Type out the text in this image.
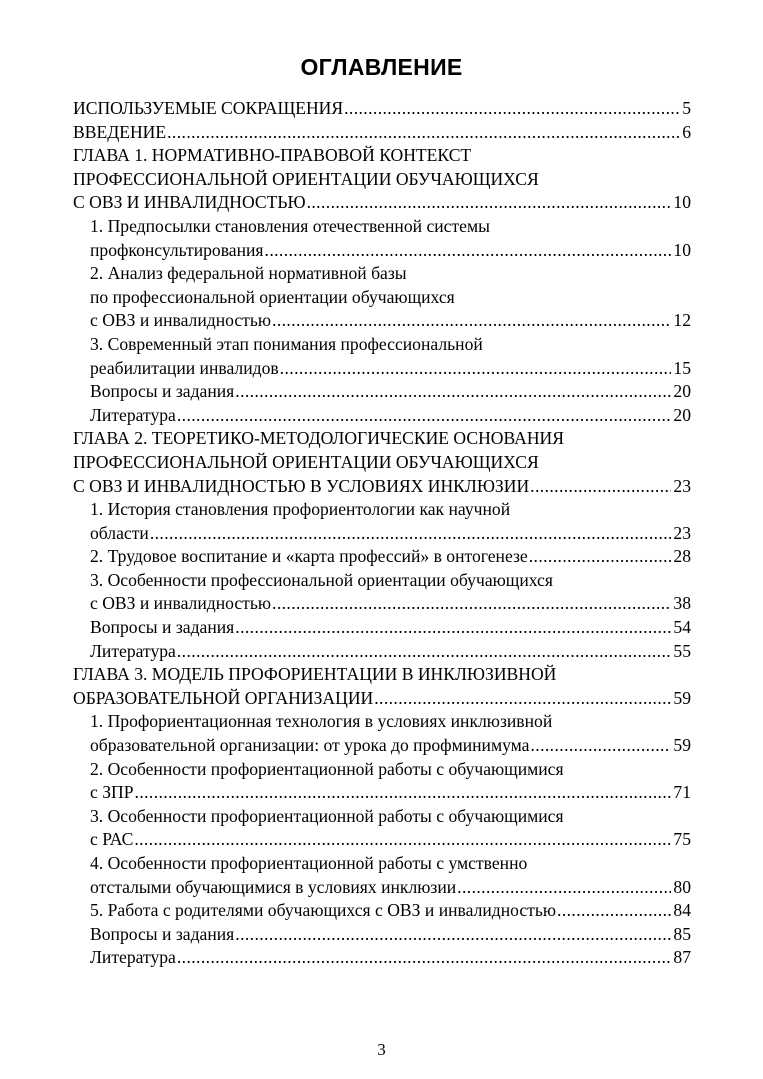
ОГЛАВЛЕНИЕ
ИСПОЛЬЗУЕМЫЕ СОКРАЩЕНИЯ .....	5
ВВЕДЕНИЕ .....	6
ГЛАВА 1. НОРМАТИВНО-ПРАВОВОЙ КОНТЕКСТ
ПРОФЕССИОНАЛЬНОЙ ОРИЕНТАЦИИ ОБУЧАЮЩИХСЯ
С ОВЗ И ИНВАЛИДНОСТЬЮ .....	10
1. Предпосылки становления отечественной системы
профконсультирования .....	10
2. Анализ федеральной нормативной базы
по профессиональной ориентации обучающихся
с ОВЗ и инвалидностью .....	12
3. Современный этап понимания профессиональной
реабилитации инвалидов .....	15
Вопросы и задания .....	20
Литература .....	20
ГЛАВА 2. ТЕОРЕТИКО-МЕТОДОЛОГИЧЕСКИЕ ОСНОВАНИЯ
ПРОФЕССИОНАЛЬНОЙ ОРИЕНТАЦИИ ОБУЧАЮЩИХСЯ
С ОВЗ И ИНВАЛИДНОСТЬЮ В УСЛОВИЯХ ИНКЛЮЗИИ .....	23
1. История становления профориентологии как научной
области .....	23
2. Трудовое воспитание и «карта профессий» в онтогенезе .....	28
3. Особенности профессиональной ориентации обучающихся
с ОВЗ и инвалидностью .....	38
Вопросы и задания .....	54
Литература .....	55
ГЛАВА 3. МОДЕЛЬ ПРОФОРИЕНТАЦИИ В ИНКЛЮЗИВНОЙ
ОБРАЗОВАТЕЛЬНОЙ ОРГАНИЗАЦИИ .....	59
1. Профориентационная технология в условиях инклюзивной
образовательной организации: от урока до профминимума .....	59
2. Особенности профориентационной работы с обучающимися
с ЗПР .....	71
3. Особенности профориентационной работы с обучающимися
с РАС .....	75
4. Особенности профориентационной работы с умственно
отсталыми обучающимися в условиях инклюзии .....	80
5. Работа с родителями обучающихся с ОВЗ и инвалидностью .....	84
Вопросы и задания .....	85
Литература .....	87
3
